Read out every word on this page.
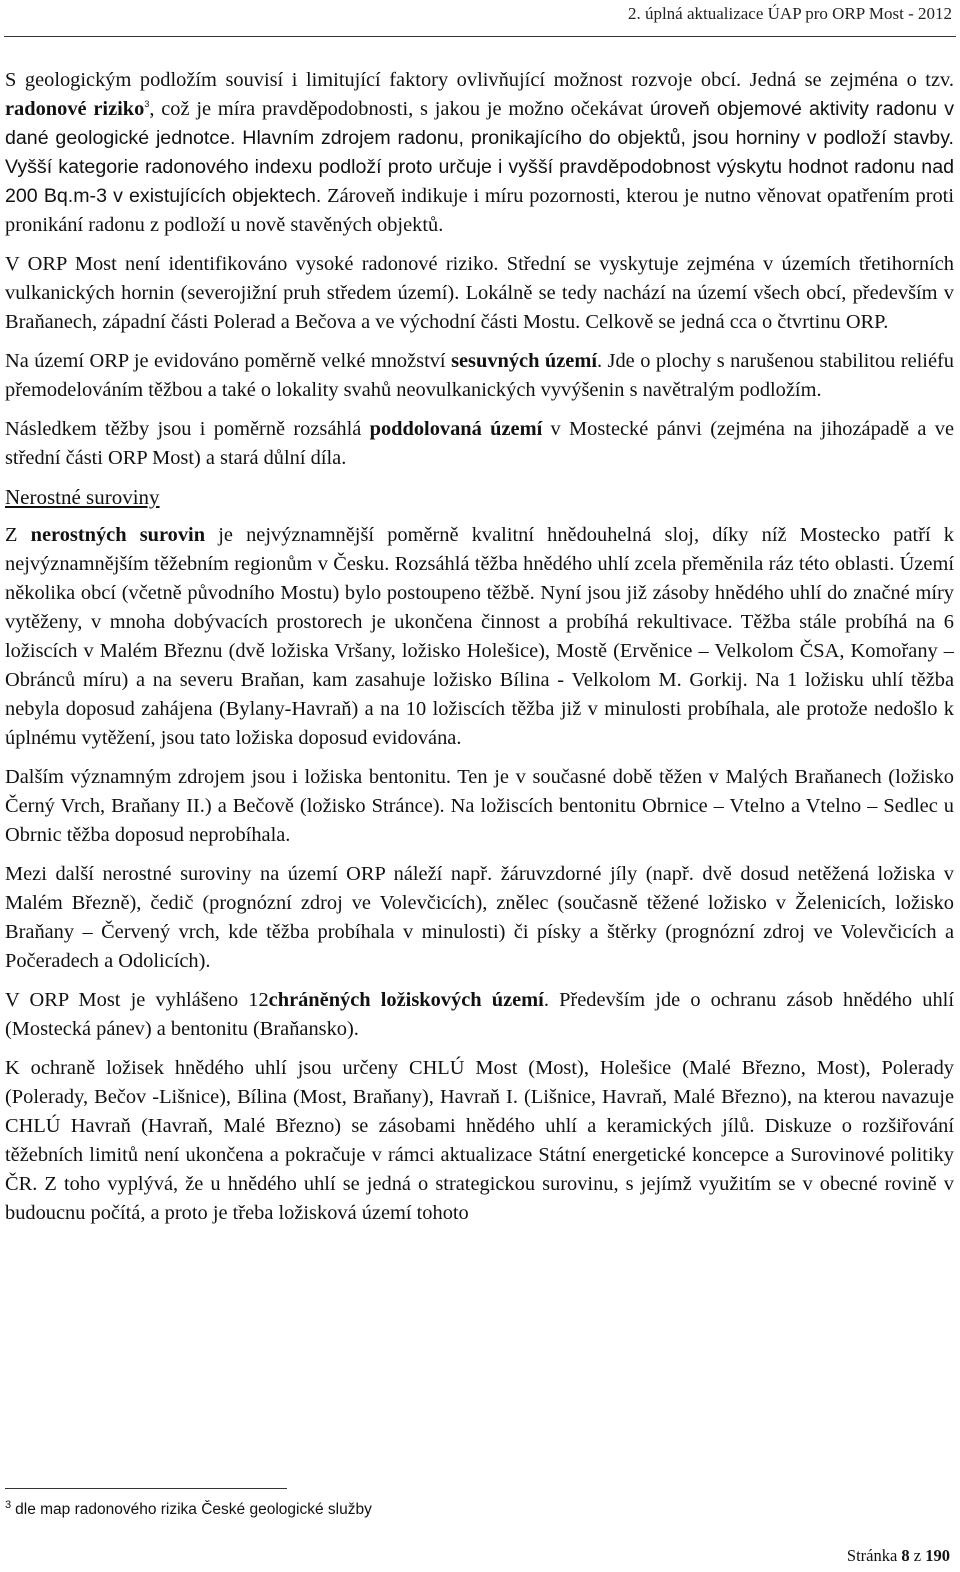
2. úplná aktualizace ÚAP pro ORP Most - 2012

S geologickým podložím souvisí i limitující faktory ovlivňující možnost rozvoje obcí. Jedná se zejména o tzv. radonové riziko$^3$, což je míra pravděpodobnosti, s jakou je možno očekávat úroveň objemové aktivity radonu v dané geologické jednotce. Hlavním zdrojem radonu, pronikajícího do objektů, jsou horniny v podloží stavby. Vyšší kategorie radonového indexu podloží proto určuje i vyšší pravděpodobnost výskytu hodnot radonu nad 200 Bq.m-3 v existujících objektech. Zároveň indikuje i míru pozornosti, kterou je nutno věnovat opatřením proti pronikání radonu z podloží u nově stavěných objektů.

V ORP Most není identifikováno vysoké radonové riziko. Střední se vyskytuje zejména v územích třetihorních vulkanických hornin (severojižní pruh středem území). Lokálně se tedy nachází na území všech obcí, především v Braňanech, západní části Polerad a Bečova a ve východní části Mostu. Celkově se jedná cca o čtvrtinu ORP.

Na území ORP je evidováno poměrně velké množství sesuvných území. Jde o plochy s narušenou stabilitou reliéfu přemodelováním těžbou a také o lokality svahů neovulkanických vyvýšenin s navětralým podložím.

Následkem těžby jsou i poměrně rozsáhlá poddolovaná území v Mostecké pánvi (zejména na jihozápadě a ve střední části ORP Most) a stará důlní díla.

Nerostné suroviny

Z nerostných surovin je nejvýznamnější poměrně kvalitní hnědouhelná sloj, díky níž Mostecko patří k nejvýznamnějším těžebním regionům v Česku. Rozsáhlá těžba hnědého uhlí zcela přeměnila ráz této oblasti. Území několika obcí (včetně původního Mostu) bylo postoupeno těžbě. Nyní jsou již zásoby hnědého uhlí do značné míry vytěženy, v mnoha dobývacích prostorech je ukončena činnost a probíhá rekultivace. Těžba stále probíhá na 6 ložiscích v Malém Březnu (dvě ložiska Vršany, ložisko Holešice), Mostě (Ervěnice – Velkolom ČSA, Komořany – Obránců míru) a na severu Braňan, kam zasahuje ložisko Bílina - Velkolom M. Gorkij. Na 1 ložisku uhlí těžba nebyla doposud zahájena (Bylany-Havraň) a na 10 ložiscích těžba již v minulosti probíhala, ale protože nedošlo k úplnému vytěžení, jsou tato ložiska doposud evidována.

Dalším významným zdrojem jsou i ložiska bentonitu. Ten je v současné době těžen v Malých Braňanech (ložisko Černý Vrch, Braňany II.) a Bečově (ložisko Stránce). Na ložiscích bentonitu Obrnice – Vtelno a Vtelno – Sedlec u Obrnic těžba doposud neprobíhala.

Mezi další nerostné suroviny na území ORP náleží např. žáruvzdorné jíly (např. dvě dosud netěžená ložiska v Malém Březně), čedič (prognózní zdroj ve Volevčicích), znělec (současně těžené ložisko v Želenicích, ložisko Braňany – Červený vrch, kde těžba probíhala v minulosti) či písky a štěrky (prognózní zdroj ve Volevčicích a Počeradech a Odolicích).

V ORP Most je vyhlášeno 12chráněných ložiskových území. Především jde o ochranu zásob hnědého uhlí (Mostecká pánev) a bentonitu (Braňansko).

K ochraně ložisek hnědého uhlí jsou určeny CHLÚ Most (Most), Holešice (Malé Březno, Most), Polerady (Polerady, Bečov -Lišnice), Bílina (Most, Braňany), Havraň I. (Lišnice, Havraň, Malé Březno), na kterou navazuje CHLÚ Havraň (Havraň, Malé Březno) se zásobami hnědého uhlí a keramických jílů. Diskuze o rozšiřování těžebních limitů není ukončena a pokračuje v rámci aktualizace Státní energetické koncepce a Surovinové politiky ČR. Z toho vyplývá, že u hnědého uhlí se jedná o strategickou surovinu, s jejímž využitím se v obecné rovině v budoucnu počítá, a proto je třeba ložisková území tohoto

$^3$ dle map radonového rizika České geologické služby
Stránka 8 z 190
